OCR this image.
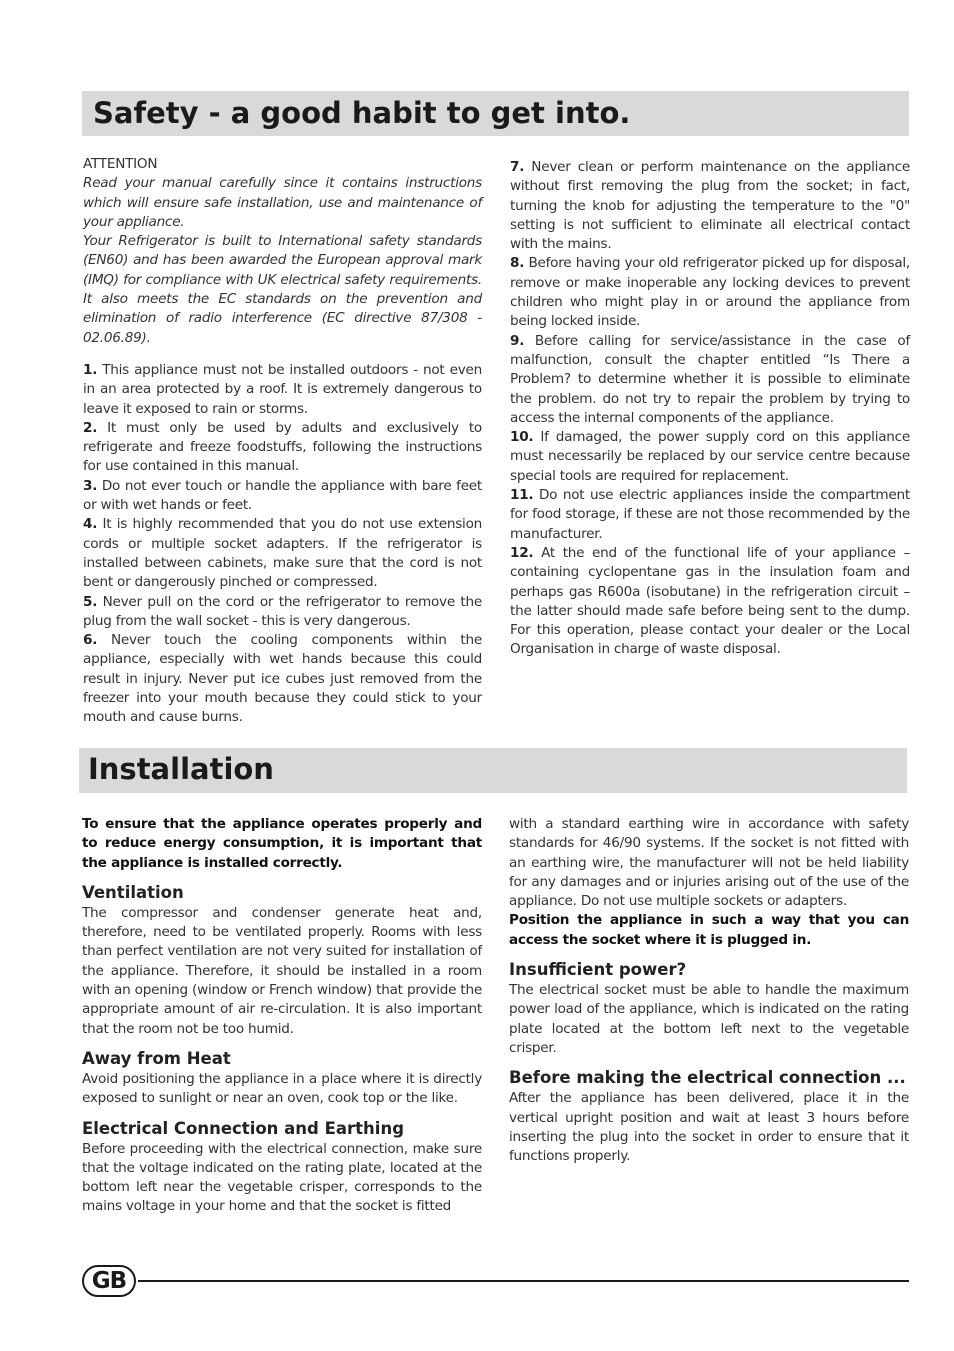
Safety - a good habit to get into.

ATTENTION

Read your manual carefully since it contains instructions which will ensure safe installation, use and maintenance of your appliance.

Your Refrigerator is built to International safety standards (EN60) and has been awarded the European approval mark (IMQ) for compliance with UK electrical safety requirements. It also meets the EC standards on the prevention and elimination of radio interference (EC directive 87/308 - 02.06.89).

1. This appliance must not be installed outdoors - not even in an area protected by a roof. It is extremely dangerous to leave it exposed to rain or storms.

2. It must only be used by adults and exclusively to refrigerate and freeze foodstuffs, following the instructions for use contained in this manual.

3. Do not ever touch or handle the appliance with bare feet or with wet hands or feet.

4. It is highly recommended that you do not use extension cords or multiple socket adapters. If the refrigerator is installed between cabinets, make sure that the cord is not bent or dangerously pinched or compressed.

5. Never pull on the cord or the refrigerator to remove the plug from the wall socket - this is very dangerous.

6. Never touch the cooling components within the appliance, especially with wet hands because this could result in injury. Never put ice cubes just removed from the freezer into your mouth because they could stick to your mouth and cause burns.

7. Never clean or perform maintenance on the appliance without first removing the plug from the socket; in fact, turning the knob for adjusting the temperature to the "0" setting is not sufficient to eliminate all electrical contact with the mains.

8. Before having your old refrigerator picked up for disposal, remove or make inoperable any locking devices to prevent children who might play in or around the appliance from being locked inside.

9. Before calling for service/assistance in the case of malfunction, consult the chapter entitled “Is There a Problem? to determine whether it is possible to eliminate the problem. do not try to repair the problem by trying to access the internal components of the appliance.

10. If damaged, the power supply cord on this appliance must necessarily be replaced by our service centre because special tools are required for replacement.

11. Do not use electric appliances inside the compartment for food storage, if these are not those recommended by the manufacturer.

12. At the end of the functional life of your appliance – containing cyclopentane gas in the insulation foam and perhaps gas R600a (isobutane) in the refrigeration circuit – the latter should made safe before being sent to the dump. For this operation, please contact your dealer or the Local Organisation in charge of waste disposal.

Installation

To ensure that the appliance operates properly and to reduce energy consumption, it is important that the appliance is installed correctly.

Ventilation

The compressor and condenser generate heat and, therefore, need to be ventilated properly. Rooms with less than perfect ventilation are not very suited for installation of the appliance. Therefore, it should be installed in a room with an opening (window or French window) that provide the appropriate amount of air re-circulation. It is also important that the room not be too humid.

Away from Heat

Avoid positioning the appliance in a place where it is directly exposed to sunlight or near an oven, cook top or the like.

Electrical Connection and Earthing

Before proceeding with the electrical connection, make sure that the voltage indicated on the rating plate, located at the bottom left near the vegetable crisper, corresponds to the mains voltage in your home and that the socket is fitted

with a standard earthing wire in accordance with safety standards for 46/90 systems. If the socket is not fitted with an earthing wire, the manufacturer will not be held liability for any damages and or injuries arising out of the use of the appliance. Do not use multiple sockets or adapters.

Position the appliance in such a way that you can access the socket where it is plugged in.

Insufficient power?

The electrical socket must be able to handle the maximum power load of the appliance, which is indicated on the rating plate located at the bottom left next to the vegetable crisper.

Before making the electrical connection ...

After the appliance has been delivered, place it in the vertical upright position and wait at least 3 hours before inserting the plug into the socket in order to ensure that it functions properly.

GB
